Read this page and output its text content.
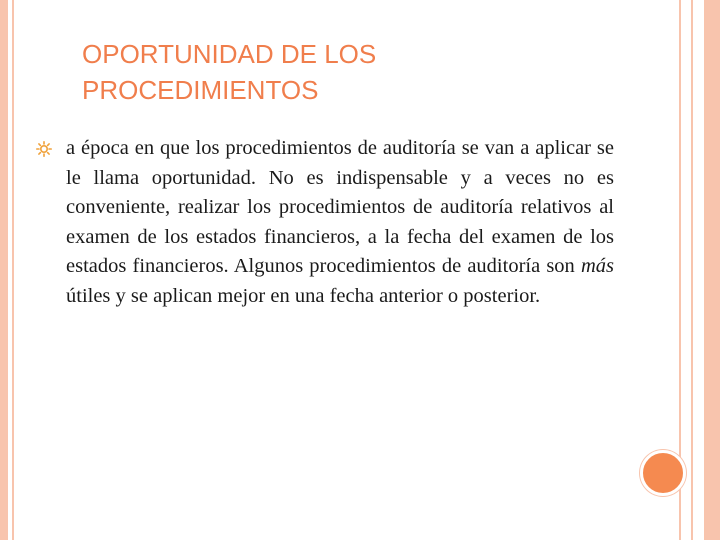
OPORTUNIDAD DE LOS
PROCEDIMIENTOS
a época en que los procedimientos de auditoría se van a aplicar se le llama oportunidad. No es indispensable y a veces no es conveniente, realizar los procedimientos de auditoría relativos al examen de los estados financieros, a la fecha del examen de los estados financieros. Algunos procedimientos de auditoría son más útiles y se aplican mejor en una fecha anterior o posterior.
